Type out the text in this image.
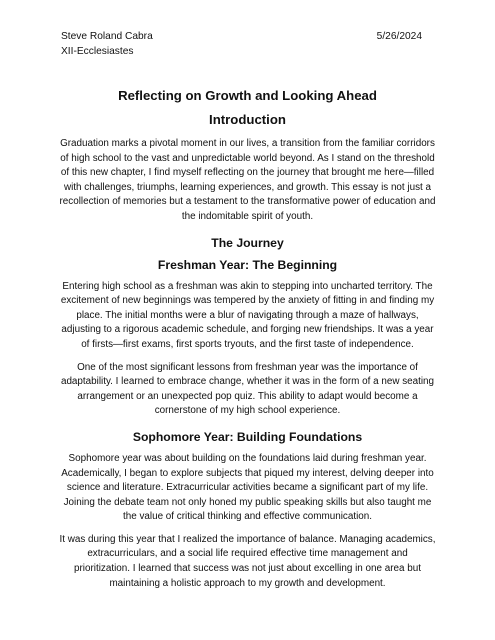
Steve Roland Cabra
XII-Ecclesiastes
5/26/2024
Reflecting on Growth and Looking Ahead
Introduction

Graduation marks a pivotal moment in our lives, a transition from the familiar corridors of high school to the vast and unpredictable world beyond. As I stand on the threshold of this new chapter, I find myself reflecting on the journey that brought me here—filled with challenges, triumphs, learning experiences, and growth. This essay is not just a recollection of memories but a testament to the transformative power of education and the indomitable spirit of youth.

The Journey
Freshman Year: The Beginning

Entering high school as a freshman was akin to stepping into uncharted territory. The excitement of new beginnings was tempered by the anxiety of fitting in and finding my place. The initial months were a blur of navigating through a maze of hallways, adjusting to a rigorous academic schedule, and forging new friendships. It was a year of firsts—first exams, first sports tryouts, and the first taste of independence.

One of the most significant lessons from freshman year was the importance of adaptability. I learned to embrace change, whether it was in the form of a new seating arrangement or an unexpected pop quiz. This ability to adapt would become a cornerstone of my high school experience.

Sophomore Year: Building Foundations

Sophomore year was about building on the foundations laid during freshman year. Academically, I began to explore subjects that piqued my interest, delving deeper into science and literature. Extracurricular activities became a significant part of my life. Joining the debate team not only honed my public speaking skills but also taught me the value of critical thinking and effective communication.

It was during this year that I realized the importance of balance. Managing academics, extracurriculars, and a social life required effective time management and prioritization. I learned that success was not just about excelling in one area but maintaining a holistic approach to my growth and development.
